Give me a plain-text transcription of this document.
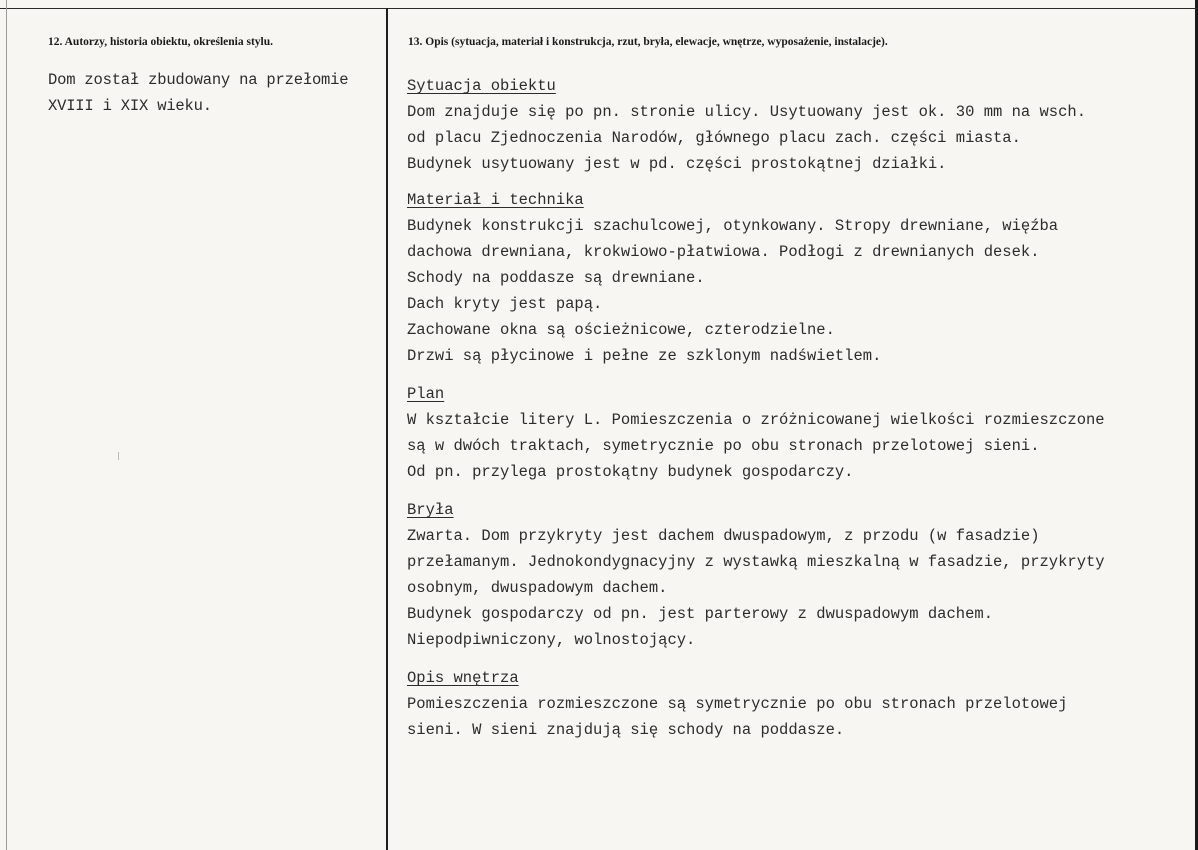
12. Autorzy, historia obiektu, określenia stylu.	13. Opis (sytuacja, materiał i konstrukcja, rzut, bryła, elewacje, wnętrze, wyposażenie, instalacje).
Dom został zbudowany na przełomie
XVIII i XIX wieku.
Sytuacja obiektu
Dom znajduje się po pn. stronie ulicy. Usytuowany jest ok. 30 mm na wsch.
od placu Zjednoczenia Narodów, głównego placu zach. części miasta.
Budynek usytuowany jest w pd. części prostokątnej działki.
Materiał i technika
Budynek konstrukcji szachulcowej, otynkowany. Stropy drewniane, więźba
dachowa drewniana, krokwiowo-płatwiowa. Podłogi z drewnianych desek.
Schody na poddasze są drewniane.
Dach kryty jest papą.
Zachowane okna są ościeżnicowe, czterodzielne.
Drzwi są płycinowe i pełne ze szklonym nadświetlem.
Plan
W kształcie litery L. Pomieszczenia o zróżnicowanej wielkości rozmieszczone
są w dwóch traktach, symetrycznie po obu stronach przelotowej sieni.
Od pn. przylega prostokątny budynek gospodarczy.
Bryła
Zwarta. Dom przykryty jest dachem dwuspadowym, z przodu (w fasadzie)
przełamanym. Jednokondygnacyjny z wystawką mieszkalną w fasadzie, przykryty
osobnym, dwuspadowym dachem.
Budynek gospodarczy od pn. jest parterowy z dwuspadowym dachem.
Niepodpiwniczony, wolnostojący.
Opis wnętrza
Pomieszczenia rozmieszczone są symetrycznie po obu stronach przelotowej
sieni. W sieni znajdują się schody na poddasze.
